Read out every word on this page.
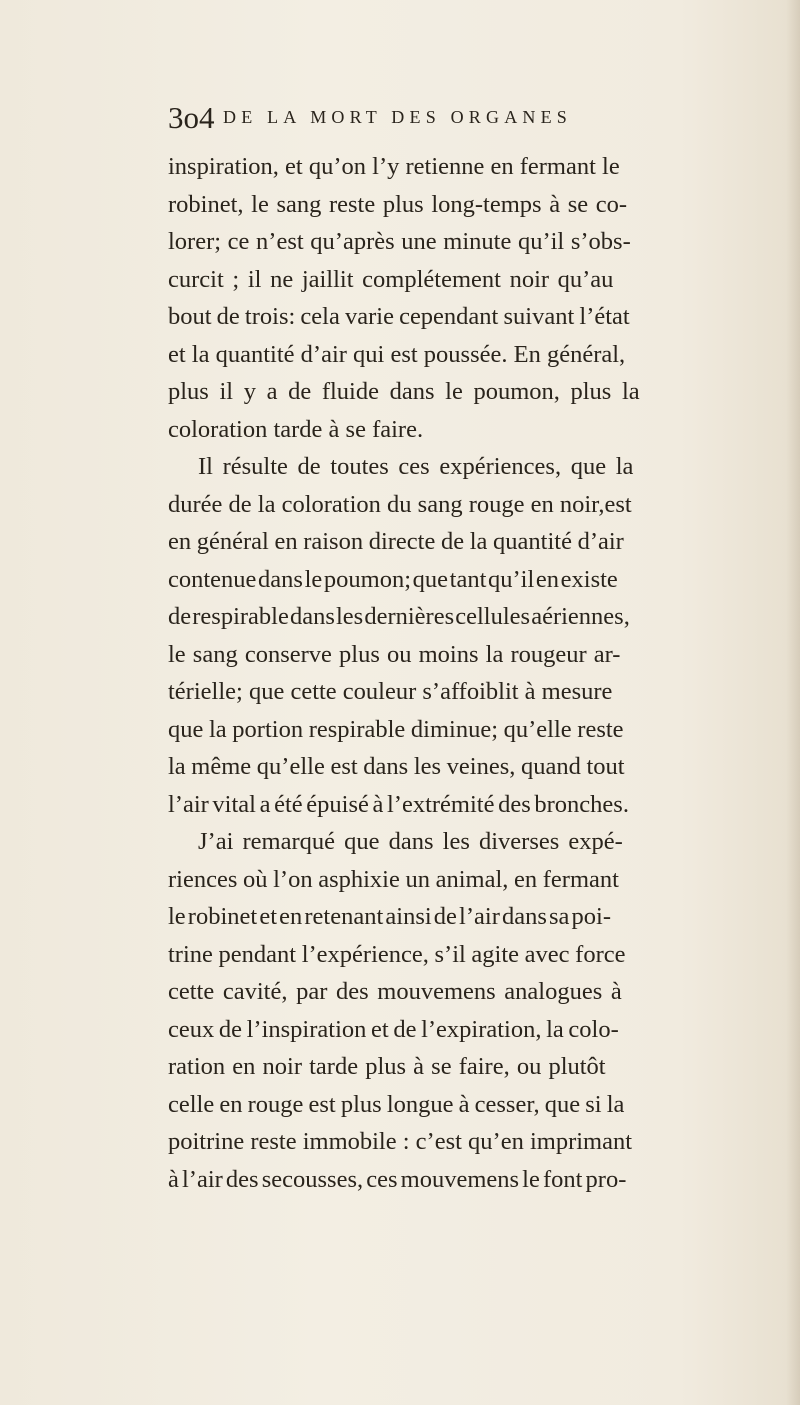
3o4 DE LA MORT DES ORGANES
inspiration, et qu’on l’y retienne en fermant le
robinet, le sang reste plus long-temps à se co-
lorer; ce n’est qu’après une minute qu’il s’obs-
curcit ; il ne jaillit complétement noir qu’au
bout de trois: cela varie cependant suivant l’état
et la quantité d’air qui est poussée. En général,
plus il y a de fluide dans le poumon, plus la
coloration tarde à se faire.
Il résulte de toutes ces expériences, que la
durée de la coloration du sang rouge en noir,est
en général en raison directe de la quantité d’air
contenue dans le poumon; que tant qu’il en existe
de respirable dans les dernières cellules aériennes,
le sang conserve plus ou moins la rougeur ar-
térielle; que cette couleur s’affoiblit à mesure
que la portion respirable diminue; qu’elle reste
la même qu’elle est dans les veines, quand tout
l’air vital a été épuisé à l’extrémité des bronches.
J’ai remarqué que dans les diverses expé-
riences où l’on asphixie un animal, en fermant
le robinet et en retenant ainsi de l’air dans sa poi-
trine pendant l’expérience, s’il agite avec force
cette cavité, par des mouvemens analogues à
ceux de l’inspiration et de l’expiration, la colo-
ration en noir tarde plus à se faire, ou plutôt
celle en rouge est plus longue à cesser, que si la
poitrine reste immobile : c’est qu’en imprimant
à l’air des secousses, ces mouvemens le font pro-
